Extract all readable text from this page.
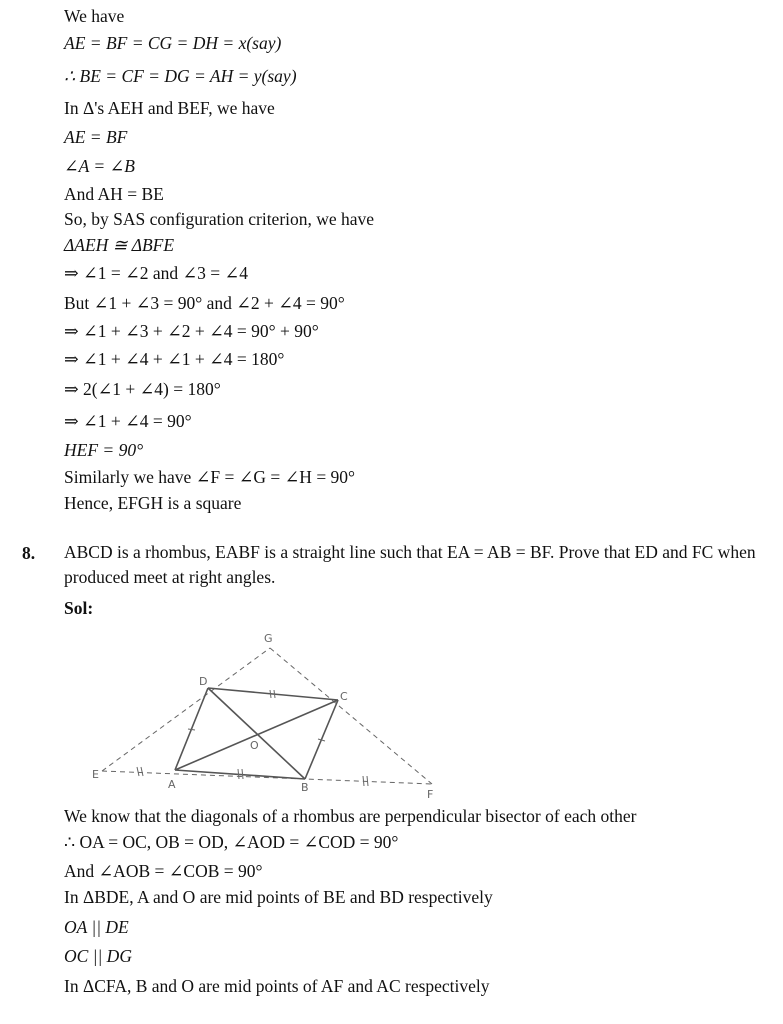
We have
AE = BF = CG = DH = x(say)
∴ BE = CF = DG = AH = y(say)
In Δ's AEH and BEF, we have
AE = BF
∠A = ∠B
And AH = BE
So, by SAS configuration criterion, we have
ΔAEH ≅ ΔBFE
⇒ ∠1 = ∠2 and ∠3 = ∠4
But ∠1 + ∠3 = 90° and ∠2 + ∠4 = 90°
⇒ ∠1 + ∠3 + ∠2 + ∠4 = 90° + 90°
⇒ ∠1 + ∠4 + ∠1 + ∠4 = 180°
⇒ 2(∠1 + ∠4) = 180°
⇒ ∠1 + ∠4 = 90°
HEF = 90°
Similarly we have ∠F = ∠G = ∠H = 90°
Hence, EFGH is a square
8. ABCD is a rhombus, EABF is a straight line such that EA = AB = BF. Prove that ED and FC when produced meet at right angles.
Sol:
G
D
C
O
E
A	B
F
We know that the diagonals of a rhombus are perpendicular bisector of each other
∴ OA = OC, OB = OD, ∠AOD = ∠COD = 90°
And ∠AOB = ∠COB = 90°
In ΔBDE, A and O are mid points of BE and BD respectively
OA || DE
OC || DG
In ΔCFA, B and O are mid points of AF and AC respectively
